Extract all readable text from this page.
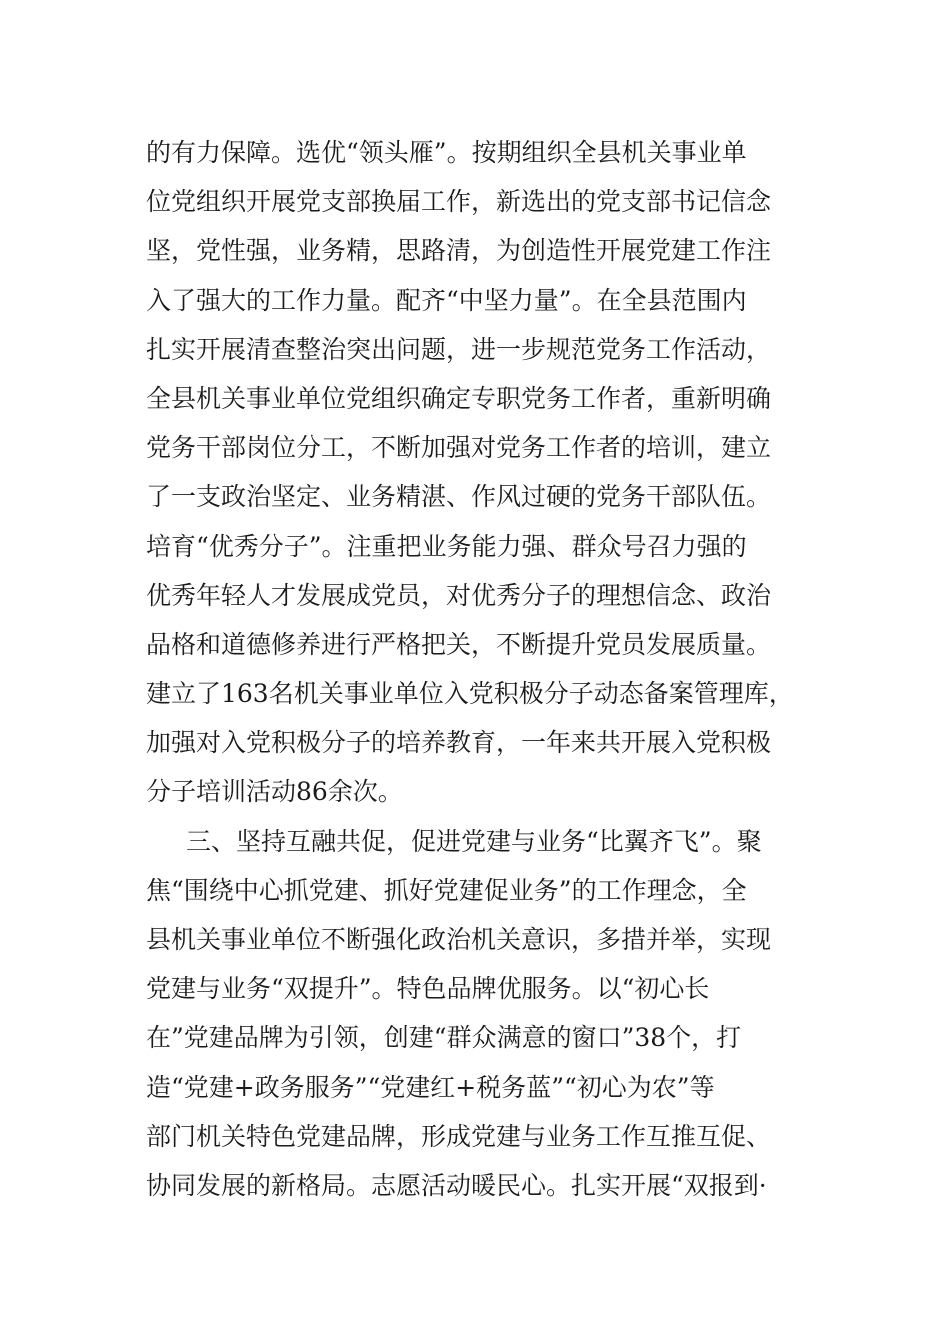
的有力保障。选优“领头雁”。按期组织全县机关事业单
位党组织开展党支部换届工作，新选出的党支部书记信念
坚，党性强，业务精，思路清，为创造性开展党建工作注
入了强大的工作力量。配齐“中坚力量”。在全县范围内
扎实开展清查整治突出问题，进一步规范党务工作活动，
全县机关事业单位党组织确定专职党务工作者，重新明确
党务干部岗位分工，不断加强对党务工作者的培训，建立
了一支政治坚定、业务精湛、作风过硬的党务干部队伍。
培育“优秀分子”。注重把业务能力强、群众号召力强的
优秀年轻人才发展成党员，对优秀分子的理想信念、政治
品格和道德修养进行严格把关，不断提升党员发展质量。
建立了163名机关事业单位入党积极分子动态备案管理库，
加强对入党积极分子的培养教育，一年来共开展入党积极
分子培训活动86余次。
三、坚持互融共促，促进党建与业务“比翼齐飞”。聚
焦“围绕中心抓党建、抓好党建促业务”的工作理念，全
县机关事业单位不断强化政治机关意识，多措并举，实现
党建与业务“双提升”。特色品牌优服务。以“初心长
在”党建品牌为引领，创建“群众满意的窗口”38个，打
造“党建+政务服务”“党建红+税务蓝”“初心为农”等
部门机关特色党建品牌，形成党建与业务工作互推互促、
协同发展的新格局。志愿活动暖民心。扎实开展“双报到·
